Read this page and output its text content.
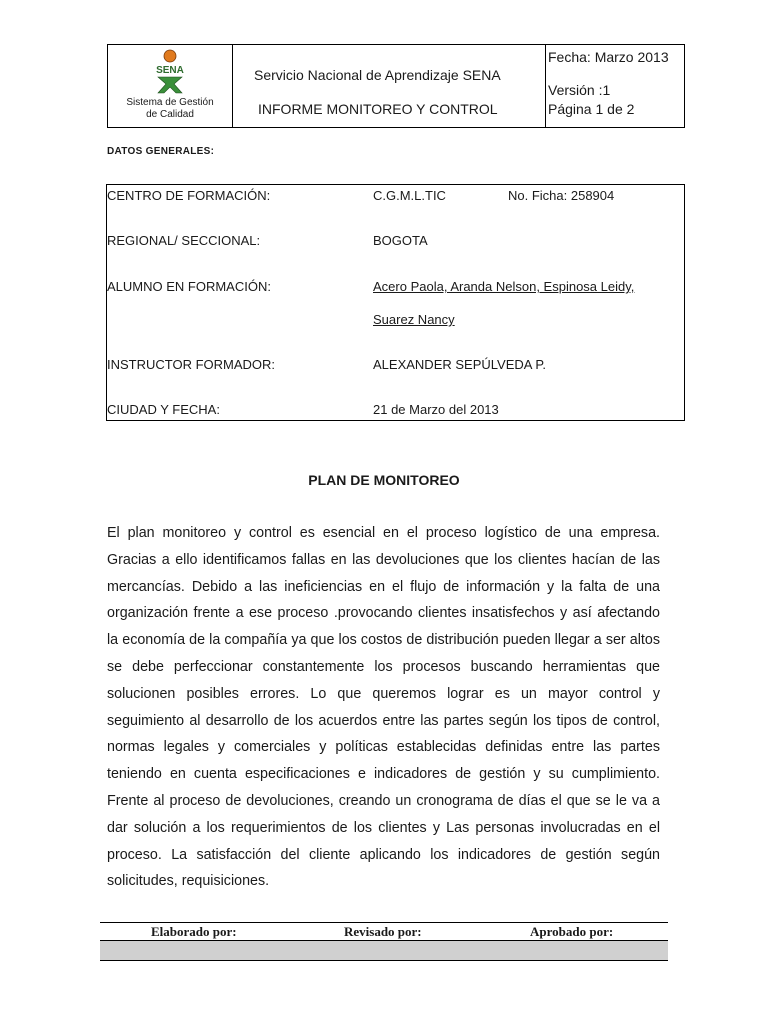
SENA
Sistema de Gestión
de Calidad
Servicio Nacional de Aprendizaje SENA
INFORME MONITOREO Y CONTROL
Fecha: Marzo 2013
Versión :1
Página 1 de 2
DATOS GENERALES:
CENTRO DE FORMACIÓN:	C.G.M.L.TIC	No. Ficha: 258904
REGIONAL/ SECCIONAL:	BOGOTA
ALUMNO EN FORMACIÓN:	Acero Paola, Aranda Nelson, Espinosa Leidy,
Suarez Nancy
INSTRUCTOR FORMADOR:	ALEXANDER SEPÚLVEDA P.
CIUDAD Y FECHA:	21 de Marzo del 2013
PLAN DE MONITOREO

El plan monitoreo y control es esencial en el proceso logístico de una empresa. Gracias a ello identificamos fallas en las devoluciones que los clientes hacían de las mercancías. Debido a las ineficiencias en el flujo de información y la falta de una organización frente a ese proceso .provocando clientes insatisfechos y así afectando la economía de la compañía ya que los costos de distribución pueden llegar a ser altos se debe perfeccionar constantemente los procesos buscando herramientas que solucionen posibles errores. Lo que queremos lograr es un mayor control y seguimiento al desarrollo de los acuerdos entre las partes según los tipos de control, normas legales y comerciales y políticas establecidas definidas entre las partes teniendo en cuenta especificaciones e indicadores de gestión y su cumplimiento. Frente al proceso de devoluciones, creando un cronograma de días el que se le va a dar solución a los requerimientos de los clientes y Las personas involucradas en el proceso. La satisfacción del cliente aplicando los indicadores de gestión según solicitudes, requisiciones.

Elaborado por:	Revisado por:	Aprobado por:
